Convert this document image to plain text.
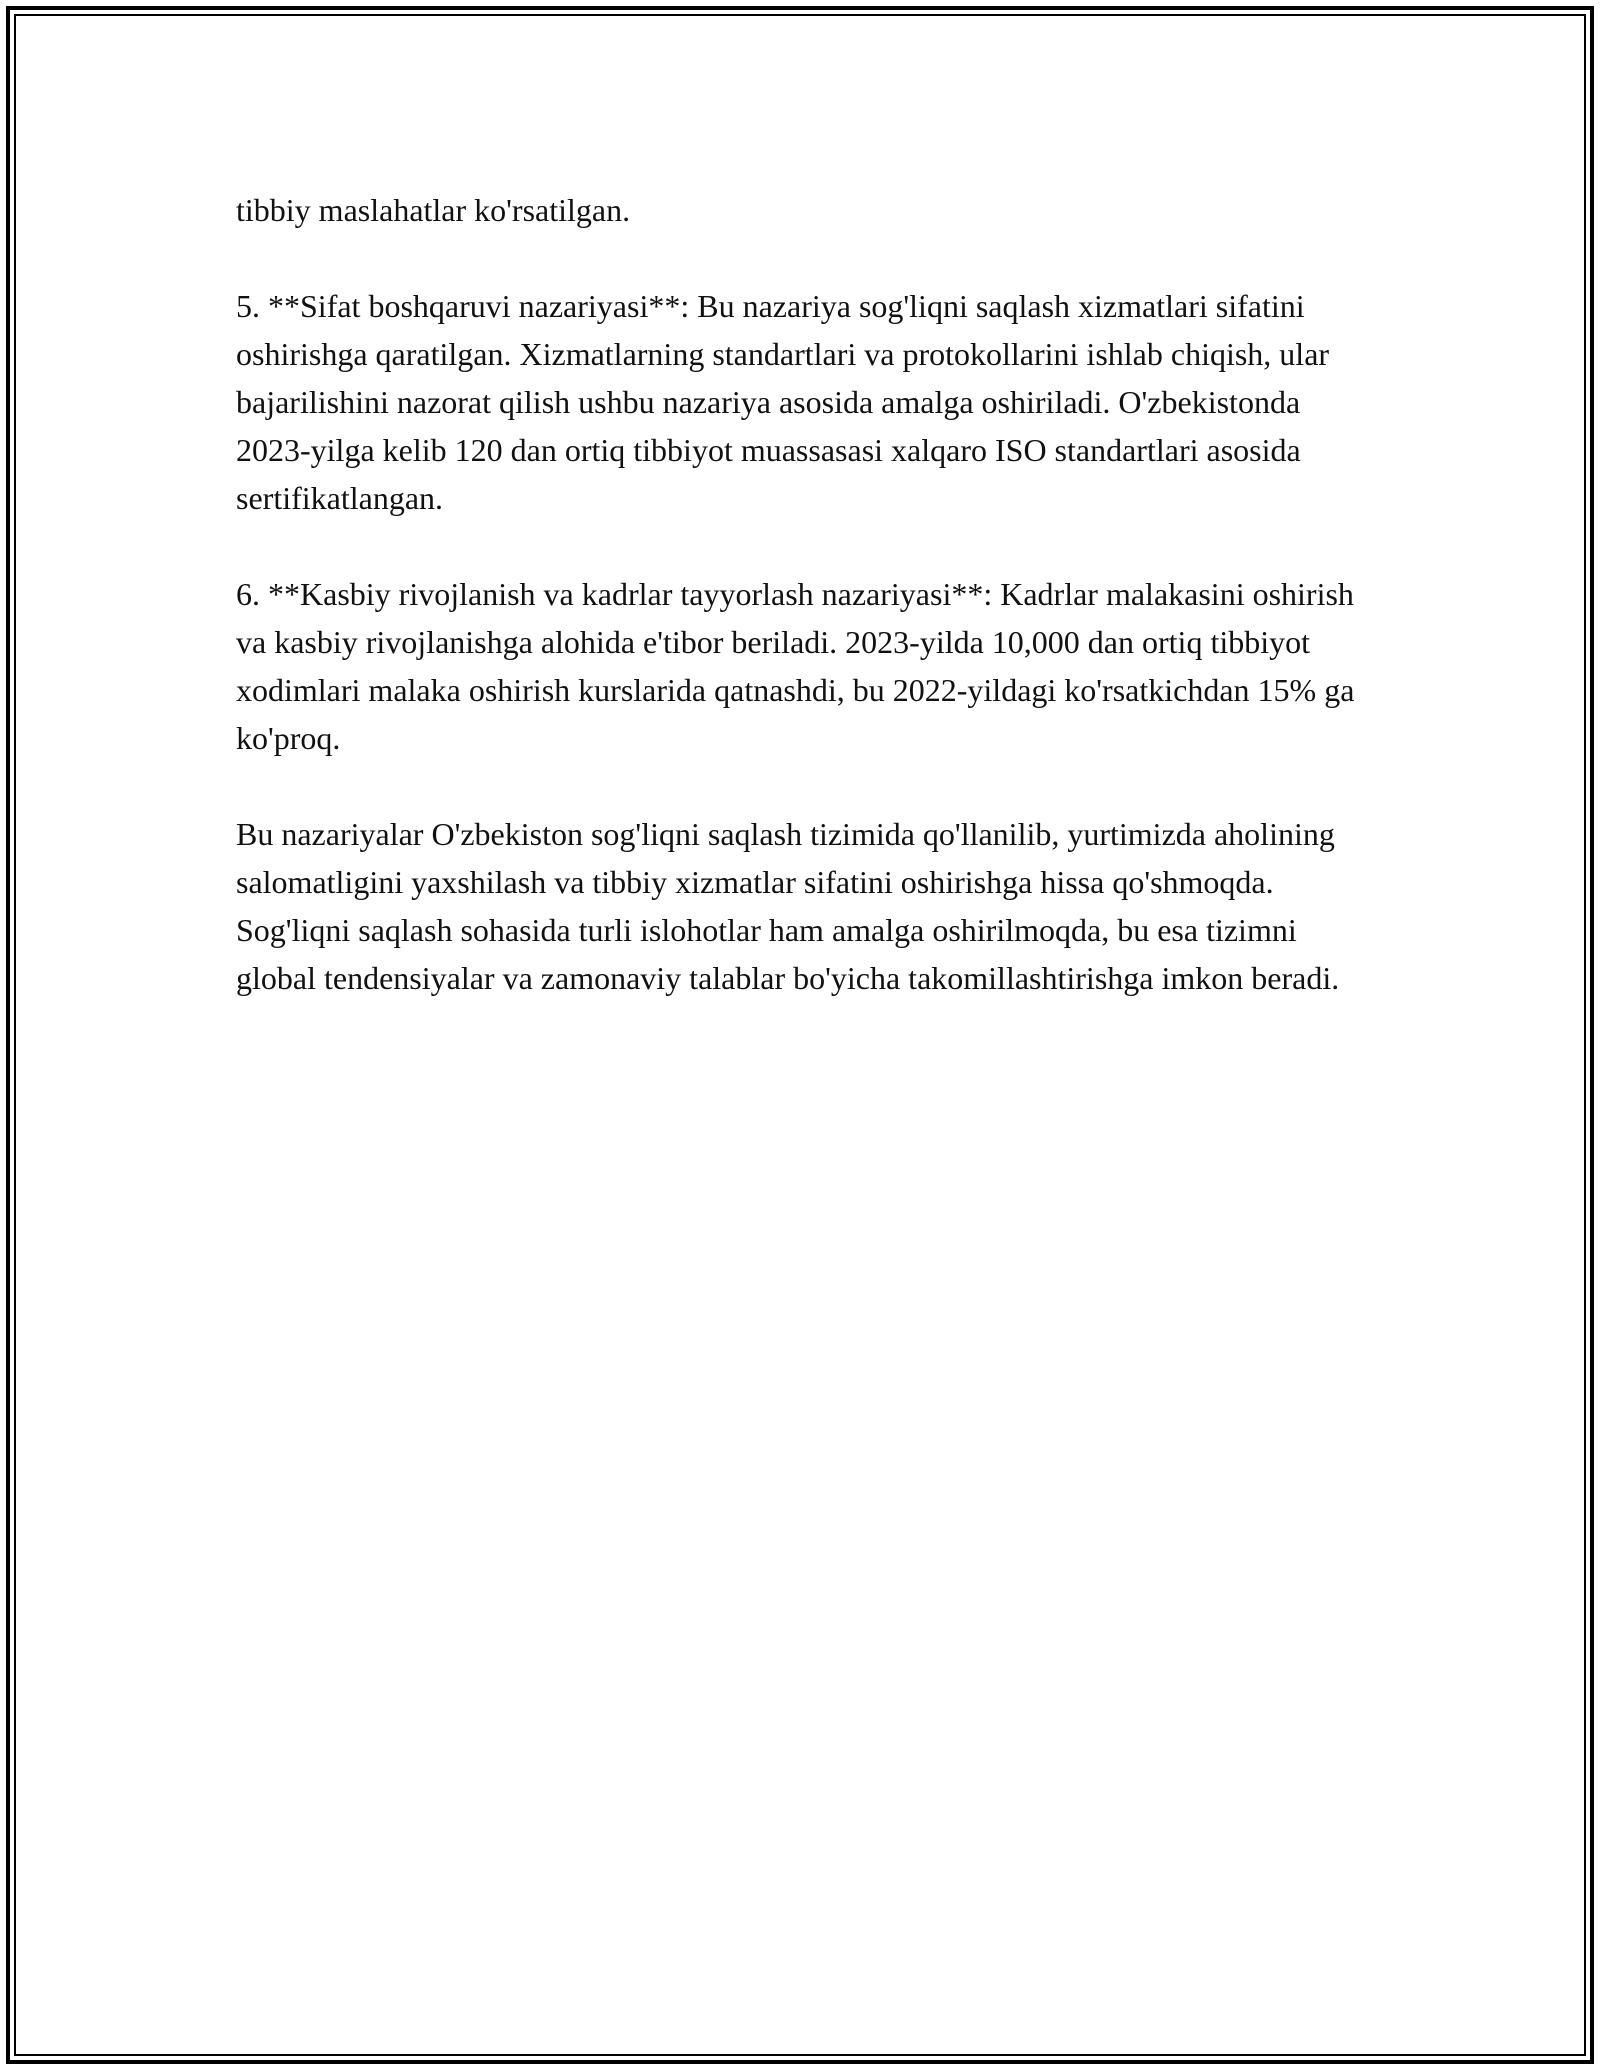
tibbiy maslahatlar ko'rsatilgan.

5. **Sifat boshqaruvi nazariyasi**: Bu nazariya sog'liqni saqlash xizmatlari sifatini oshirishga qaratilgan. Xizmatlarning standartlari va protokollarini ishlab chiqish, ular bajarilishini nazorat qilish ushbu nazariya asosida amalga oshiriladi. O'zbekistonda 2023-yilga kelib 120 dan ortiq tibbiyot muassasasi xalqaro ISO standartlari asosida sertifikatlangan.

6. **Kasbiy rivojlanish va kadrlar tayyorlash nazariyasi**: Kadrlar malakasini oshirish va kasbiy rivojlanishga alohida e'tibor beriladi. 2023-yilda 10,000 dan ortiq tibbiyot xodimlari malaka oshirish kurslarida qatnashdi, bu 2022-yildagi ko'rsatkichdan 15% ga ko'proq.

Bu nazariyalar O'zbekiston sog'liqni saqlash tizimida qo'llanilib, yurtimizda aholining salomatligini yaxshilash va tibbiy xizmatlar sifatini oshirishga hissa qo'shmoqda. Sog'liqni saqlash sohasida turli islohotlar ham amalga oshirilmoqda, bu esa tizimni global tendensiyalar va zamonaviy talablar bo'yicha takomillashtirishga imkon beradi.
